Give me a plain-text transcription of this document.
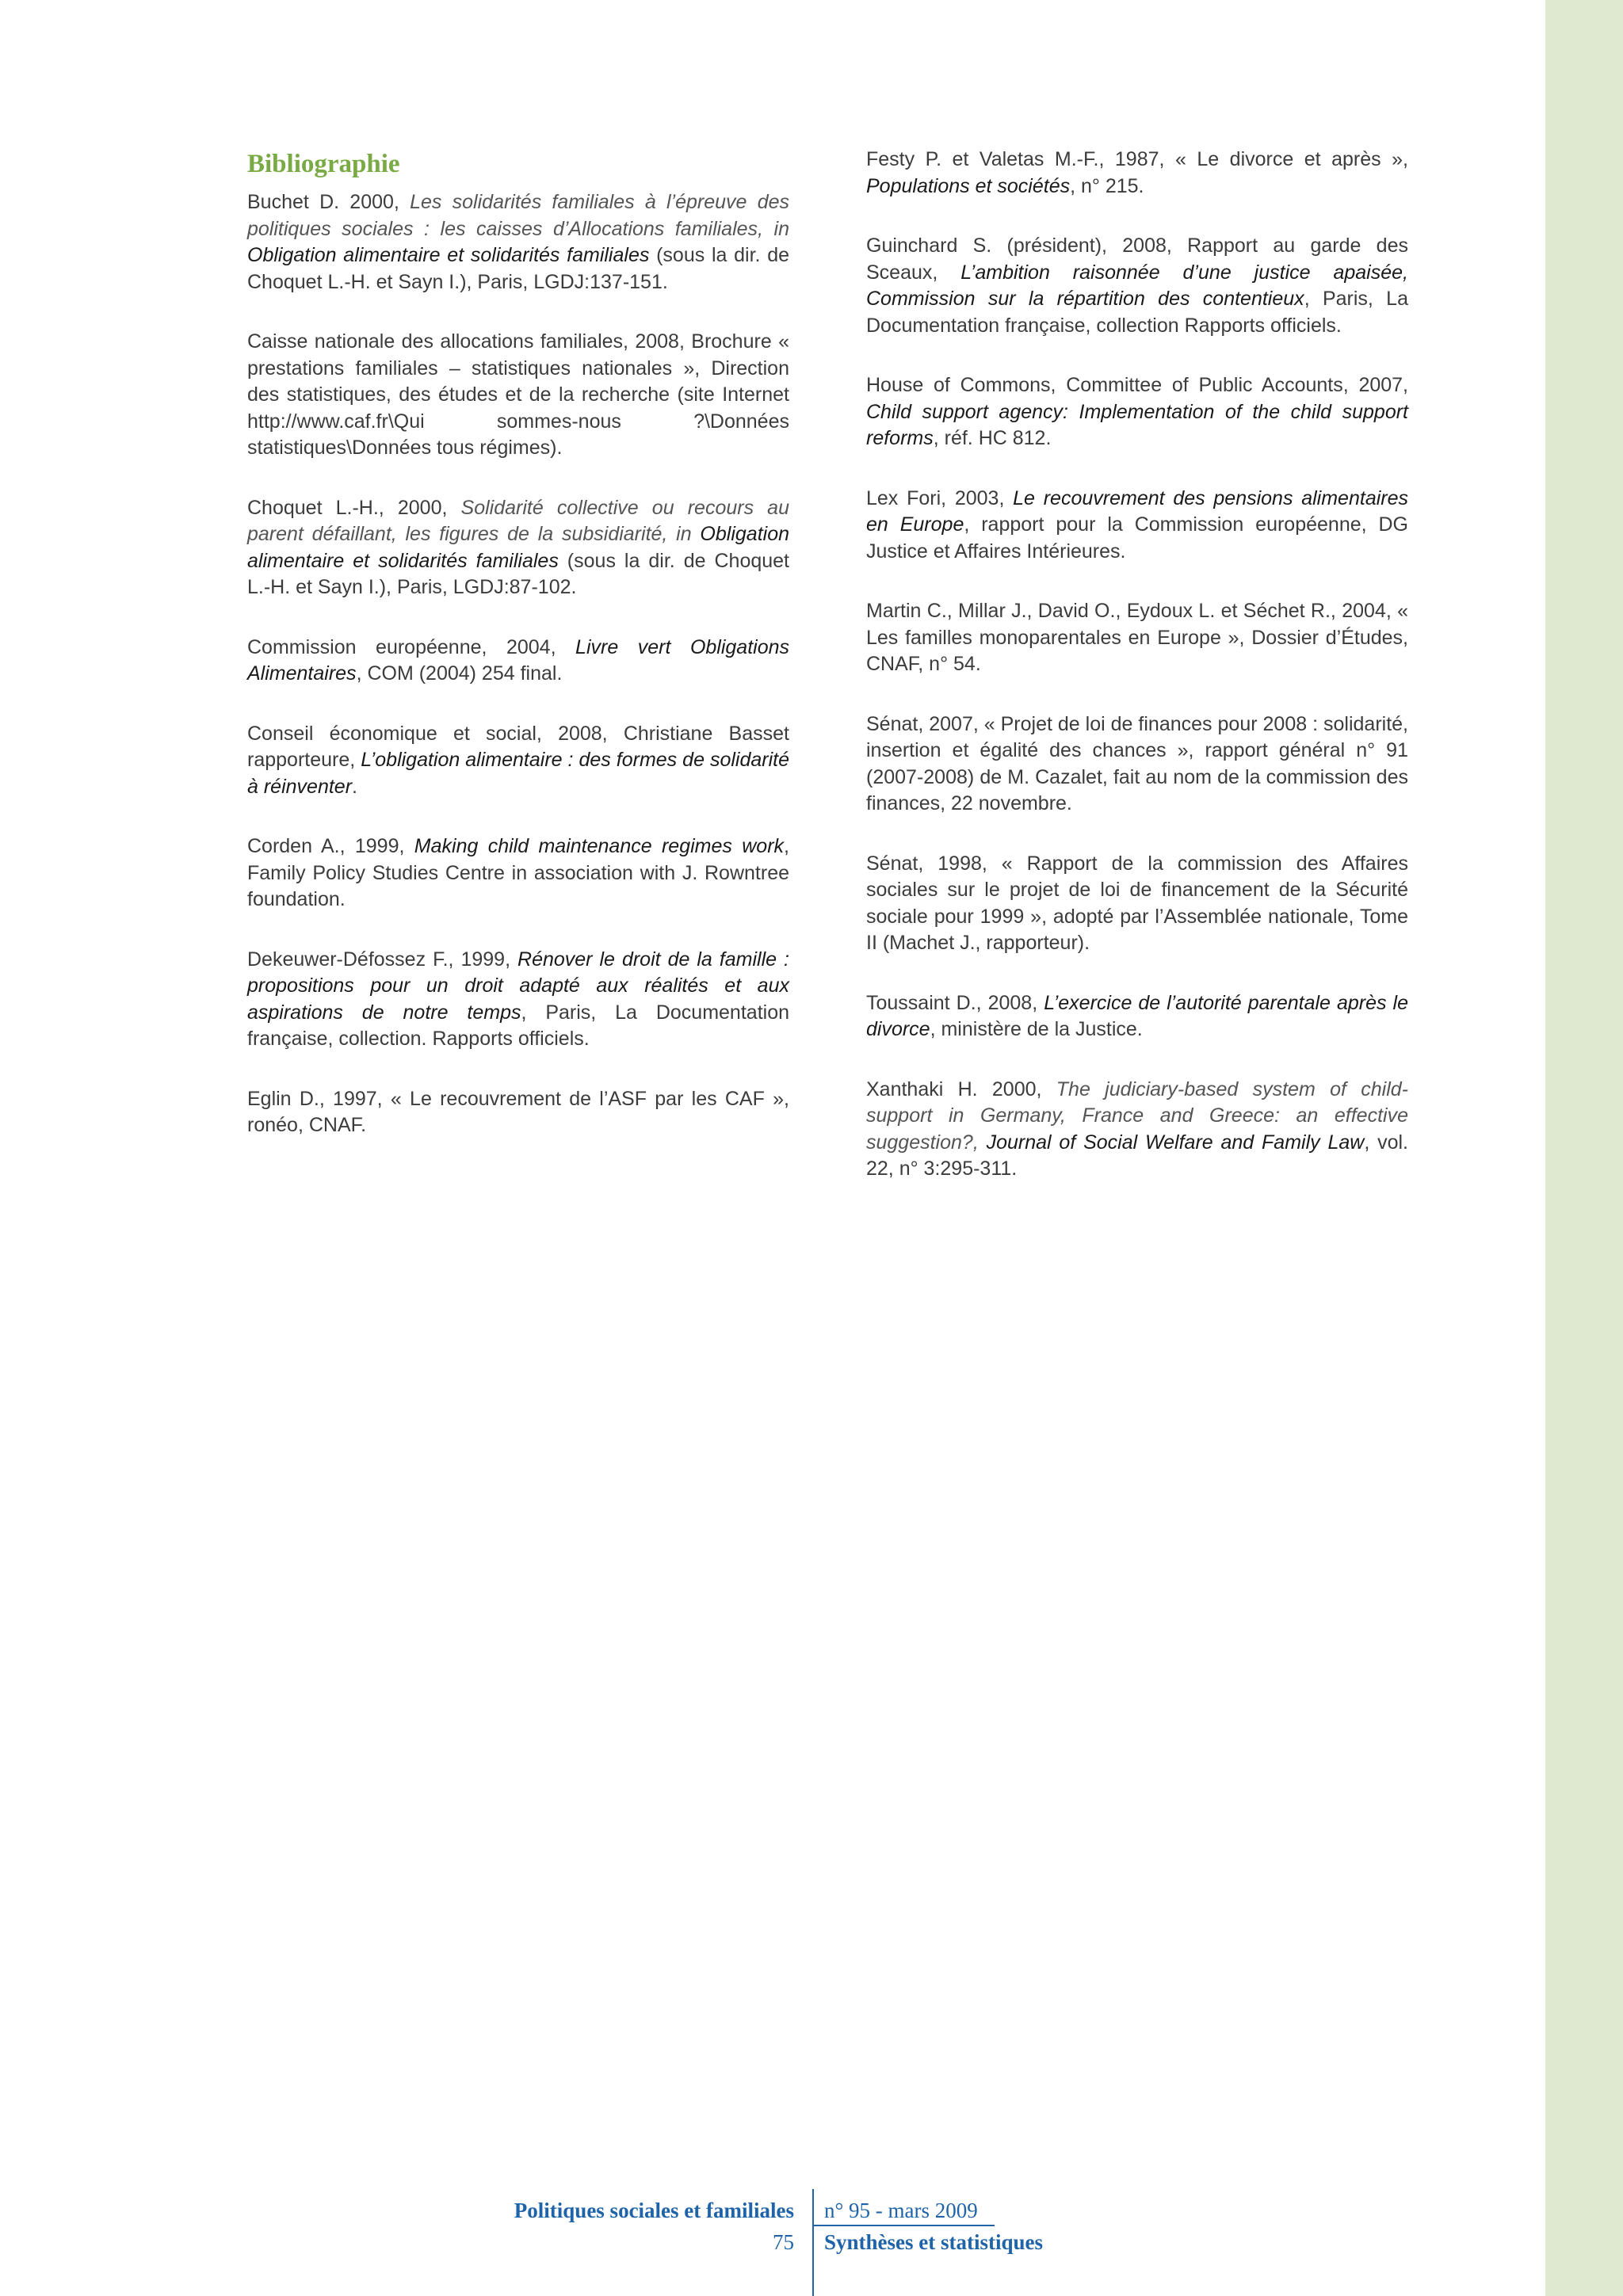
Bibliographie

Buchet D. 2000, Les solidarités familiales à l’épreuve des politiques sociales : les caisses d’Allocations familiales, in Obligation alimentaire et solidarités familiales (sous la dir. de Choquet L.-H. et Sayn I.), Paris, LGDJ:137-151.

Caisse nationale des allocations familiales, 2008, Brochure « prestations familiales – statistiques nationales », Direction des statistiques, des études et de la recherche (site Internet http://www.caf.fr\Qui sommes-nous ?\Données statistiques\Données tous régimes).

Choquet L.-H., 2000, Solidarité collective ou recours au parent défaillant, les figures de la subsidiarité, in Obligation alimentaire et solidarités familiales (sous la dir. de Choquet L.-H. et Sayn I.), Paris, LGDJ:87-102.

Commission européenne, 2004, Livre vert Obligations Alimentaires, COM (2004) 254 final.

Conseil économique et social, 2008, Christiane Basset rapporteure, L’obligation alimentaire : des formes de solidarité à réinventer.

Corden A., 1999, Making child maintenance regimes work, Family Policy Studies Centre in association with J. Rowntree foundation.

Dekeuwer-Défossez F., 1999, Rénover le droit de la famille : propositions pour un droit adapté aux réalités et aux aspirations de notre temps, Paris, La Documentation française, collection. Rapports officiels.

Eglin D., 1997, « Le recouvrement de l’ASF par les CAF », ronéo, CNAF.

Festy P. et Valetas M.-F., 1987, « Le divorce et après », Populations et sociétés, n° 215.

Guinchard S. (président), 2008, Rapport au garde des Sceaux, L’ambition raisonnée d’une justice apaisée, Commission sur la répartition des contentieux, Paris, La Documentation française, collection Rapports officiels.

House of Commons, Committee of Public Accounts, 2007, Child support agency: Implementation of the child support reforms, réf. HC 812.

Lex Fori, 2003, Le recouvrement des pensions alimentaires en Europe, rapport pour la Commission européenne, DG Justice et Affaires Intérieures.

Martin C., Millar J., David O., Eydoux L. et Séchet R., 2004, « Les familles monoparentales en Europe », Dossier d’Études, CNAF, n° 54.

Sénat, 2007, « Projet de loi de finances pour 2008 : solidarité, insertion et égalité des chances », rapport général n° 91 (2007-2008) de M. Cazalet, fait au nom de la commission des finances, 22 novembre.

Sénat, 1998, « Rapport de la commission des Affaires sociales sur le projet de loi de financement de la Sécurité sociale pour 1999 », adopté par l’Assemblée nationale, Tome II (Machet J., rapporteur).

Toussaint D., 2008, L’exercice de l’autorité parentale après le divorce, ministère de la Justice.

Xanthaki H. 2000, The judiciary-based system of child-support in Germany, France and Greece: an effective suggestion?, Journal of Social Welfare and Family Law, vol. 22, n° 3:295-311.

Politiques sociales et familiales
75
n° 95 - mars 2009
Synthèses et statistiques
